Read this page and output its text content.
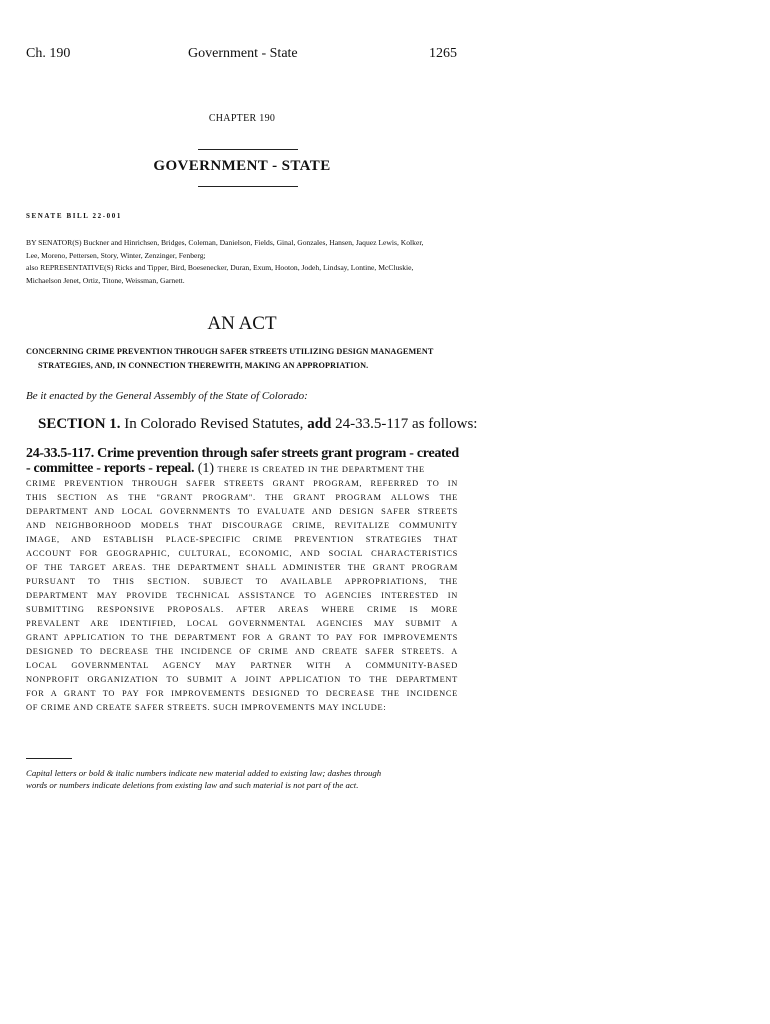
Ch. 190	Government - State	1265
CHAPTER 190
GOVERNMENT - STATE
SENATE BILL 22-001
BY SENATOR(S) Buckner and Hinrichsen, Bridges, Coleman, Danielson, Fields, Ginal, Gonzales, Hansen, Jaquez Lewis, Kolker,
Lee, Moreno, Pettersen, Story, Winter, Zenzinger, Fenberg;
also REPRESENTATIVE(S) Ricks and Tipper, Bird, Boesenecker, Duran, Exum, Hooton, Jodeh, Lindsay, Lontine, McCluskie,
Michaelson Jenet, Ortiz, Titone, Weissman, Garnett.
AN ACT
CONCERNING CRIME PREVENTION THROUGH SAFER STREETS UTILIZING DESIGN MANAGEMENT
STRATEGIES, AND, IN CONNECTION THEREWITH, MAKING AN APPROPRIATION.
Be it enacted by the General Assembly of the State of Colorado:
SECTION 1. In Colorado Revised Statutes, add 24-33.5-117 as follows:
24-33.5-117. Crime prevention through safer streets grant program - created
- committee - reports - repeal. (1) THERE IS CREATED IN THE DEPARTMENT THE
CRIME PREVENTION THROUGH SAFER STREETS GRANT PROGRAM, REFERRED TO IN
THIS SECTION AS THE "GRANT PROGRAM". THE GRANT PROGRAM ALLOWS THE
DEPARTMENT AND LOCAL GOVERNMENTS TO EVALUATE AND DESIGN SAFER STREETS
AND NEIGHBORHOOD MODELS THAT DISCOURAGE CRIME, REVITALIZE COMMUNITY
IMAGE, AND ESTABLISH PLACE-SPECIFIC CRIME PREVENTION STRATEGIES THAT
ACCOUNT FOR GEOGRAPHIC, CULTURAL, ECONOMIC, AND SOCIAL CHARACTERISTICS
OF THE TARGET AREAS. THE DEPARTMENT SHALL ADMINISTER THE GRANT PROGRAM
PURSUANT TO THIS SECTION. SUBJECT TO AVAILABLE APPROPRIATIONS, THE
DEPARTMENT MAY PROVIDE TECHNICAL ASSISTANCE TO AGENCIES INTERESTED IN
SUBMITTING RESPONSIVE PROPOSALS. AFTER AREAS WHERE CRIME IS MORE
PREVALENT ARE IDENTIFIED, LOCAL GOVERNMENTAL AGENCIES MAY SUBMIT A
GRANT APPLICATION TO THE DEPARTMENT FOR A GRANT TO PAY FOR IMPROVEMENTS
DESIGNED TO DECREASE THE INCIDENCE OF CRIME AND CREATE SAFER STREETS. A
LOCAL GOVERNMENTAL AGENCY MAY PARTNER WITH A COMMUNITY-BASED
NONPROFIT ORGANIZATION TO SUBMIT A JOINT APPLICATION TO THE DEPARTMENT
FOR A GRANT TO PAY FOR IMPROVEMENTS DESIGNED TO DECREASE THE INCIDENCE
OF CRIME AND CREATE SAFER STREETS. SUCH IMPROVEMENTS MAY INCLUDE:
Capital letters or bold & italic numbers indicate new material added to existing law; dashes through
words or numbers indicate deletions from existing law and such material is not part of the act.
